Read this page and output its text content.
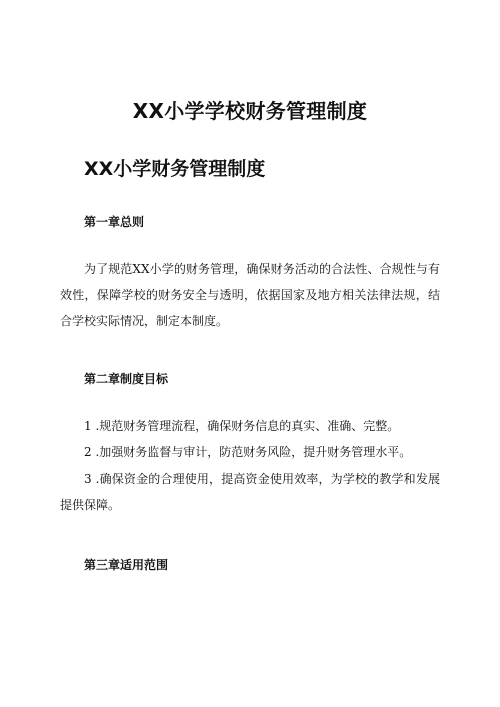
XX小学学校财务管理制度
XX小学财务管理制度
第一章总则

为了规范XX小学的财务管理，确保财务活动的合法性、合规性与有效性，保障学校的财务安全与透明，依据国家及地方相关法律法规，结合学校实际情况，制定本制度。

第二章制度目标

1 .规范财务管理流程，确保财务信息的真实、准确、完整。

2 .加强财务监督与审计，防范财务风险，提升财务管理水平。

3 .确保资金的合理使用，提高资金使用效率，为学校的教学和发展提供保障。

第三章适用范围
